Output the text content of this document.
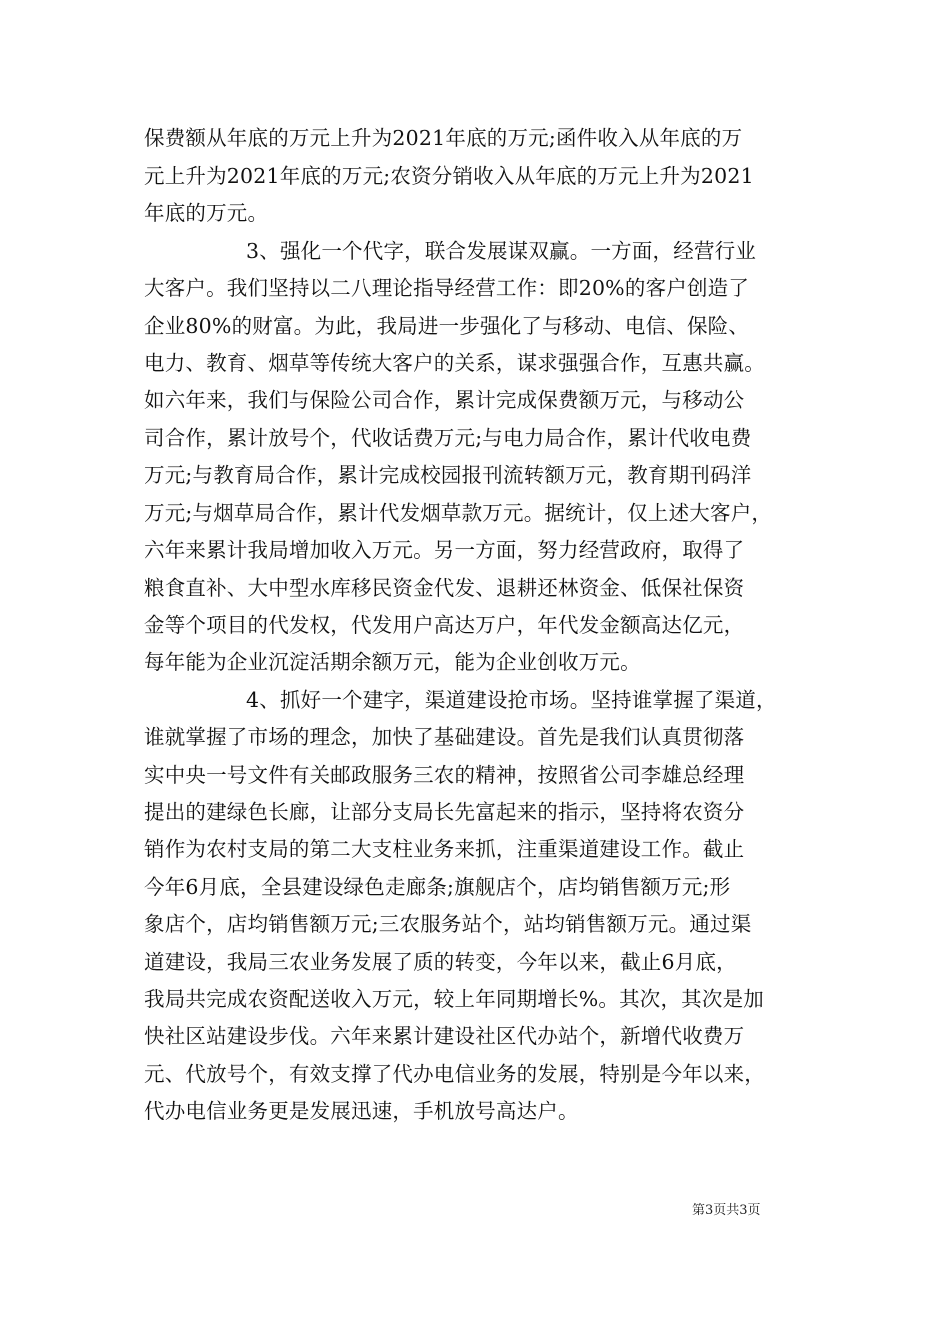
保费额从年底的万元上升为2021年底的万元;函件收入从年底的万
元上升为2021年底的万元;农资分销收入从年底的万元上升为2021
年底的万元。
3、强化一个代字，联合发展谋双赢。一方面，经营行业
大客户。我们坚持以二八理论指导经营工作：即20%的客户创造了
企业80%的财富。为此，我局进一步强化了与移动、电信、保险、
电力、教育、烟草等传统大客户的关系，谋求强强合作，互惠共赢。
如六年来，我们与保险公司合作，累计完成保费额万元，与移动公
司合作，累计放号个，代收话费万元;与电力局合作，累计代收电费
万元;与教育局合作，累计完成校园报刊流转额万元，教育期刊码洋
万元;与烟草局合作，累计代发烟草款万元。据统计，仅上述大客户，
六年来累计我局增加收入万元。另一方面，努力经营政府，取得了
粮食直补、大中型水库移民资金代发、退耕还林资金、低保社保资
金等个项目的代发权，代发用户高达万户，年代发金额高达亿元，
每年能为企业沉淀活期余额万元，能为企业创收万元。
4、抓好一个建字，渠道建设抢市场。坚持谁掌握了渠道，
谁就掌握了市场的理念，加快了基础建设。首先是我们认真贯彻落
实中央一号文件有关邮政服务三农的精神，按照省公司李雄总经理
提出的建绿色长廊，让部分支局长先富起来的指示，坚持将农资分
销作为农村支局的第二大支柱业务来抓，注重渠道建设工作。截止
今年6月底，全县建设绿色走廊条;旗舰店个，店均销售额万元;形
象店个，店均销售额万元;三农服务站个，站均销售额万元。通过渠
道建设，我局三农业务发展了质的转变，今年以来，截止6月底，
我局共完成农资配送收入万元，较上年同期增长%。其次，其次是加
快社区站建设步伐。六年来累计建设社区代办站个，新增代收费万
元、代放号个，有效支撑了代办电信业务的发展，特别是今年以来，
代办电信业务更是发展迅速，手机放号高达户。
第3页共3页
